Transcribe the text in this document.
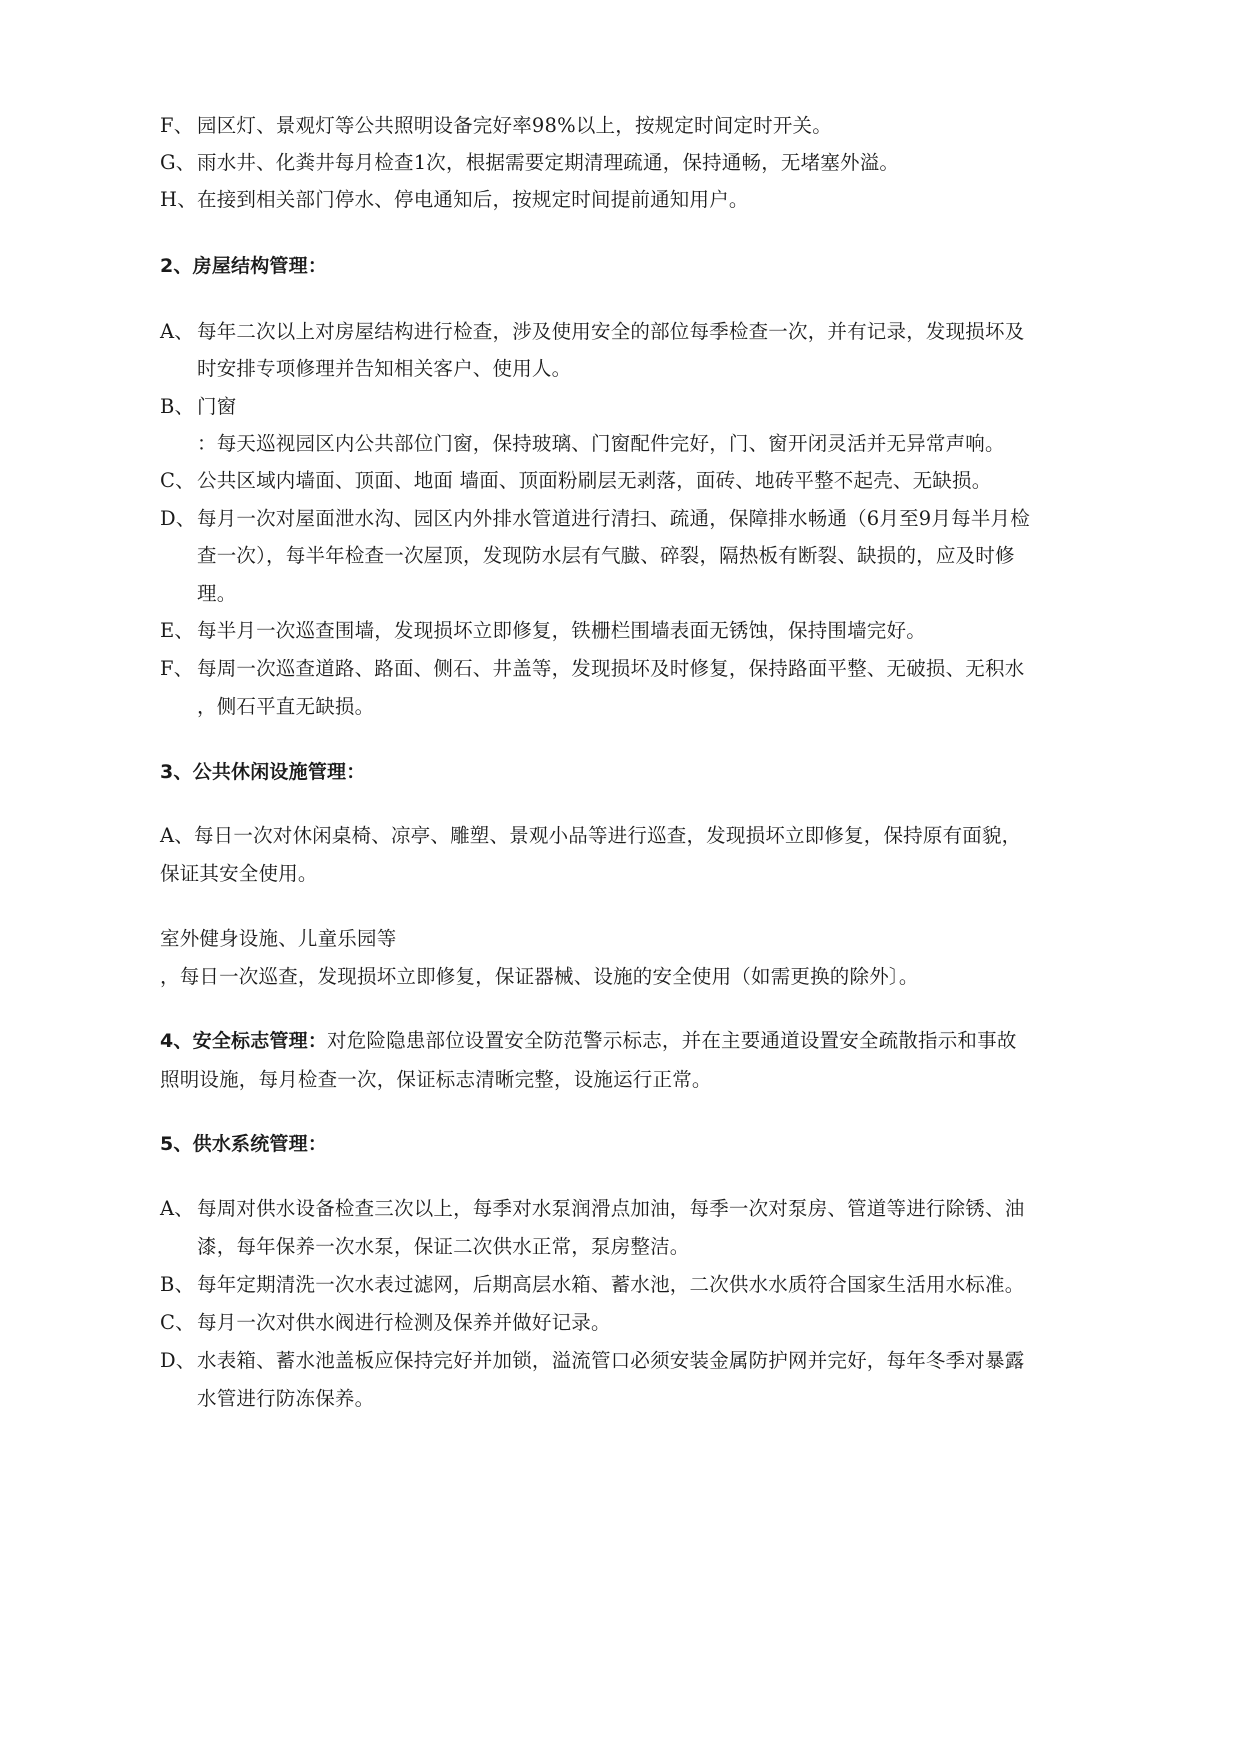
F、 园区灯、景观灯等公共照明设备完好率98%以上，按规定时间定时开关。
G、 雨水井、化粪井每月检查1次，根据需要定期清理疏通，保持通畅，无堵塞外溢。
H、 在接到相关部门停水、停电通知后，按规定时间提前通知用户。
2、房屋结构管理：
A、 每年二次以上对房屋结构进行检查，涉及使用安全的部位每季检查一次，并有记录，发现损坏及
时安排专项修理并告知相关客户、使用人。
B、 门窗
：每天巡视园区内公共部位门窗，保持玻璃、门窗配件完好，门、窗开闭灵活并无异常声响。
C、 公共区域内墙面、顶面、地面 墙面、顶面粉刷层无剥落，面砖、地砖平整不起壳、无缺损。
D、 每月一次对屋面泄水沟、园区内外排水管道进行清扫、疏通，保障排水畅通（6月至9月每半月检
查一次），每半年检查一次屋顶，发现防水层有气臌、碎裂，隔热板有断裂、缺损的，应及时修
理。
E、 每半月一次巡查围墙，发现损坏立即修复，铁栅栏围墙表面无锈蚀，保持围墙完好。
F、 每周一次巡查道路、路面、侧石、井盖等，发现损坏及时修复，保持路面平整、无破损、无积水
，侧石平直无缺损。
3、公共休闲设施管理：
A、每日一次对休闲桌椅、凉亭、雕塑、景观小品等进行巡查，发现损坏立即修复，保持原有面貌，
保证其安全使用。
室外健身设施、儿童乐园等
，每日一次巡查，发现损坏立即修复，保证器械、设施的安全使用（如需更换的除外〕。
4、安全标志管理：对危险隐患部位设置安全防范警示标志，并在主要通道设置安全疏散指示和事故
照明设施，每月检查一次，保证标志清晰完整，设施运行正常。
5、供水系统管理：
A、 每周对供水设备检查三次以上，每季对水泵润滑点加油，每季一次对泵房、管道等进行除锈、油
漆，每年保养一次水泵，保证二次供水正常，泵房整洁。
B、 每年定期清洗一次水表过滤网，后期高层水箱、蓄水池，二次供水水质符合国家生活用水标准。
C、 每月一次对供水阀进行检测及保养并做好记录。
D、 水表箱、蓄水池盖板应保持完好并加锁，溢流管口必须安装金属防护网并完好，每年冬季对暴露
水管进行防冻保养。
